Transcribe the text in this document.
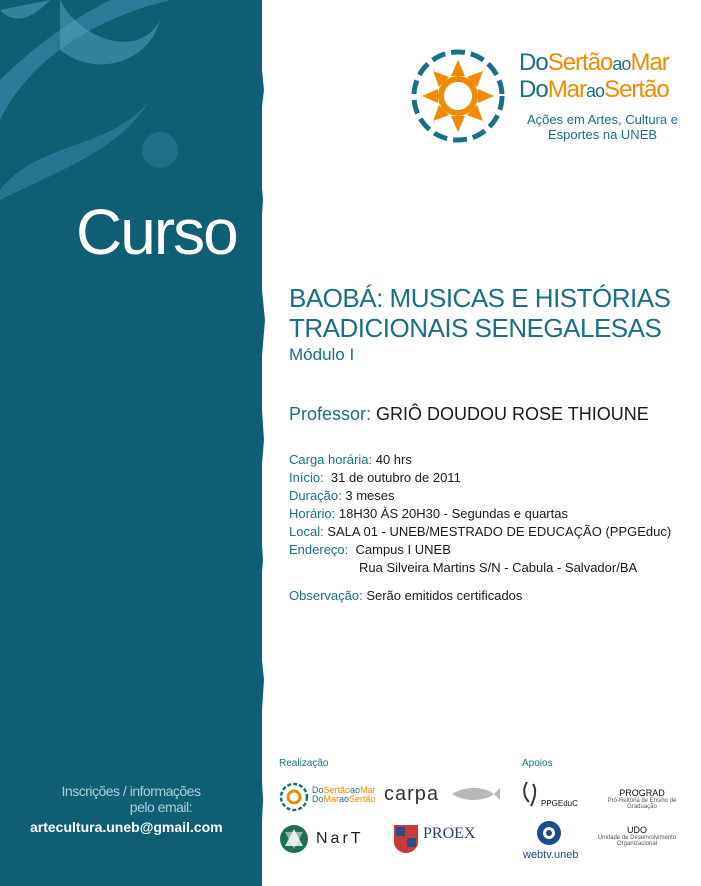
Curso
Inscrições / informações
pelo email:
artecultura.uneb@gmail.com
DoSertãoaoMar
DoMaraoSertão
Ações em Artes, Cultura e
Esportes na UNEB
BAOBÁ: MUSICAS E HISTÓRIAS
TRADICIONAIS SENEGALESAS
Módulo I
Professor: GRIÔ DOUDOU ROSE THIOUNE
Carga horária: 40 hrs
Início: 31 de outubro de 2011
Duração: 3 meses
Horário: 18H30 ÀS 20H30 - Segundas e quartas
Local: SALA 01 - UNEB/MESTRADO DE EDUCAÇÃO (PPGEduc)
Endereço: Campus I UNEB
Rua Silveira Martins S/N - Cabula - Salvador/BA
Observação: Serão emitidos certificados
Realização	Apoios
DoSertãoaoMar
DoMaraoSertão carpa
NarT	PROEX
PPGEduC
webtv.uneb
PROGRAD
Pró-Reitoria de Ensino de Graduação
UDO
Unidade de Desenvolvimento
Organizacional
